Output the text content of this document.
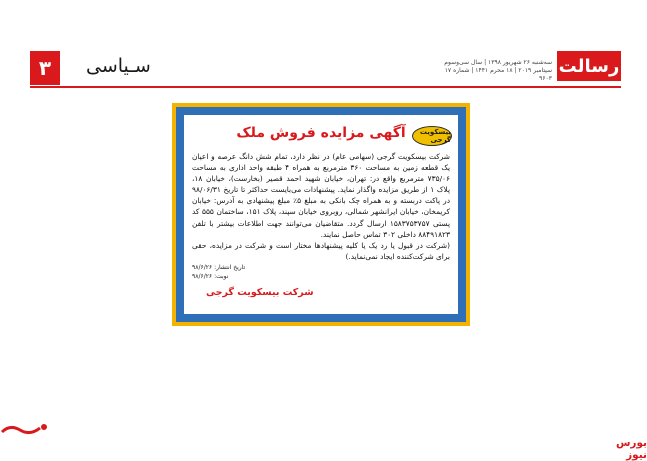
۳	سـیاسی	سه‌شنبه ۲۶ شهریور ۱۳۹۸ | سال سی‌وسوم
۱۷ سپتامبر ۲۰۱۹ | ۱۸ محرم ۱۴۴۱ | شماره ۹۶۰۳
رسالت
بیسکویت گرجی
آگهی مزایده فروش ملک

شرکت بیسکویت گرجی (سهامی عام) در نظر دارد، تمام شش دانگ عرصه و اعیان یک قطعه زمین به مساحت ۳۶۰ مترمربع به همراه ۴ طبقه واحد اداری به مساحت ۷۳۵/۰۶ مترمربع واقع در: تهران، خیابان شهید احمد قصیر (بخارست)، خیابان ۱۸، پلاک ۱ از طریق مزایده واگذار نماید. پیشنهادات می‌بایست حداکثر تا تاریخ ۹۸/۰۶/۳۱ در پاکت دربسته و به همراه چک بانکی به مبلغ ۵٪ مبلغ پیشنهادی به آدرس: خیابان کریمخان، خیابان ایرانشهر شمالی، روبروی خیابان سپند، پلاک ۱۵۱، ساختمان ۵۵۵ کد پستی ۱۵۸۳۷۵۳۷۵۷ ارسال گردد. متقاضیان می‌توانند جهت اطلاعات بیشتر با تلفن ۸۸۴۹۱۸۲۳ داخلی ۳۰۲ تماس حاصل نمایند.

(شرکت در قبول یا رد یک یا کلیه پیشنهادها مختار است و شرکت در مزایده، حقی برای شرکت‌کننده ایجاد نمی‌نماید.)

تاریخ انتشار: ۹۸/۶/۲۶
نوبت: ۹۸/۶/۲۶
شرکت بیسکویت گرجی
بورس نیوز
